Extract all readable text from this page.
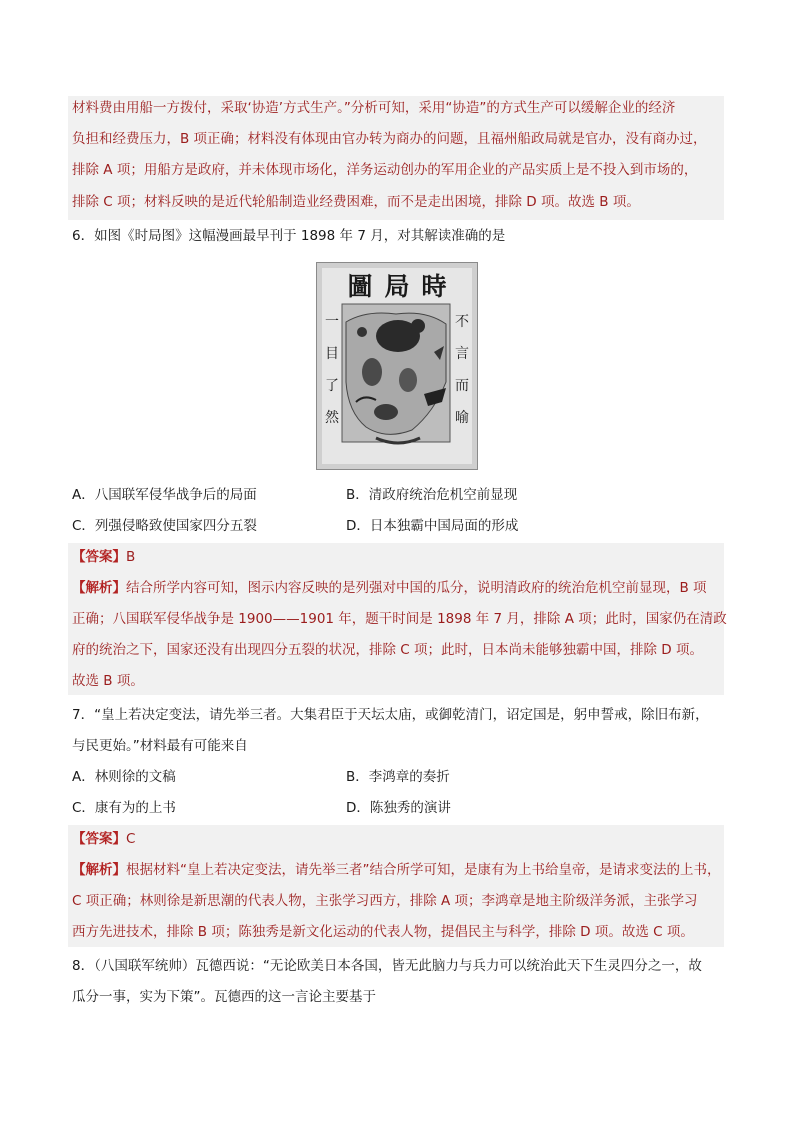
材料费由用船一方拨付，采取‘协造’方式生产。”分析可知，采用“协造”的方式生产可以缓解企业的经济
负担和经费压力，B 项正确；材料没有体现由官办转为商办的问题，且福州船政局就是官办，没有商办过，
排除 A 项；用船方是政府，并未体现市场化，洋务运动创办的军用企业的产品实质上是不投入到市场的，
排除 C 项；材料反映的是近代轮船制造业经费困难，而不是走出困境，排除 D 项。故选 B 项。
6．如图《时局图》这幅漫画最早刊于 1898 年 7 月，对其解读准确的是
圖 局 時
一
目
了
然
不
言
而
喻
A．八国联军侵华战争后的局面	B．清政府统治危机空前显现
C．列强侵略致使国家四分五裂	D．日本独霸中国局面的形成
【答案】B
【解析】结合所学内容可知，图示内容反映的是列强对中国的瓜分，说明清政府的统治危机空前显现，B 项
正确；八国联军侵华战争是 1900——1901 年，题干时间是 1898 年 7 月，排除 A 项；此时，国家仍在清政
府的统治之下，国家还没有出现四分五裂的状况，排除 C 项；此时，日本尚未能够独霸中国，排除 D 项。
故选 B 项。
7．“皇上若决定变法，请先举三者。大集君臣于天坛太庙，或御乾清门，诏定国是，躬申誓戒，除旧布新，
与民更始。”材料最有可能来自
A．林则徐的文稿	B．李鸿章的奏折
C．康有为的上书	D．陈独秀的演讲
【答案】C
【解析】根据材料“皇上若决定变法，请先举三者”结合所学可知，是康有为上书给皇帝，是请求变法的上书，
C 项正确；林则徐是新思潮的代表人物，主张学习西方，排除 A 项；李鸿章是地主阶级洋务派，主张学习
西方先进技术，排除 B 项；陈独秀是新文化运动的代表人物，提倡民主与科学，排除 D 项。故选 C 项。
8．（八国联军统帅）瓦德西说：“无论欧美日本各国，皆无此脑力与兵力可以统治此天下生灵四分之一，故
瓜分一事，实为下策”。瓦德西的这一言论主要基于
